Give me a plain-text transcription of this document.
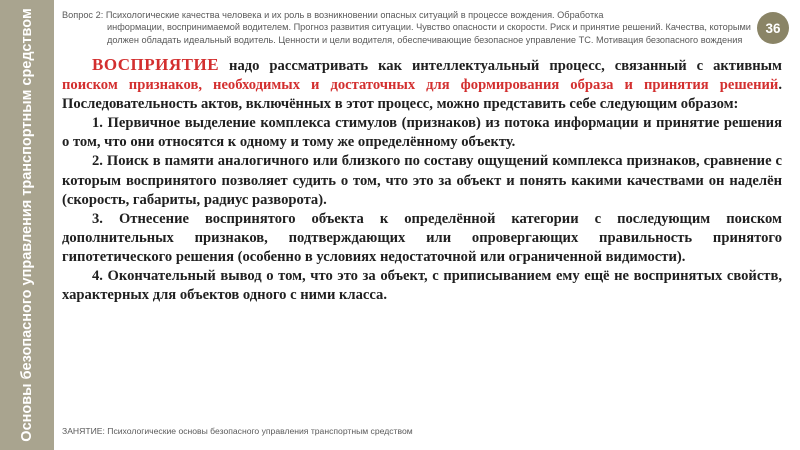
Основы безопасного управления транспортным средством	Вопрос 2: Психологические качества человека и их роль в возникновении опасных ситуаций в процессе вождения. Обработка
информации, воспринимаемой водителем. Прогноз развития ситуации. Чувство опасности и скорости. Риск и принятие решений. Качества, которыми должен обладать идеальный водитель. Ценности и цели водителя, обеспечивающие безопасное управление ТС. Мотивация безопасного вождения
36

ВОСПРИЯТИЕ надо рассматривать как интеллектуальный процесс, связанный с активным поиском признаков, необходимых и достаточных для формирования образа и принятия решений. Последовательность актов, включённых в этот процесс, можно представить себе следующим образом:

1. Первичное выделение комплекса стимулов (признаков) из потока информации и принятие решения о том, что они относятся к одному и тому же определённому объекту.

2. Поиск в памяти аналогичного или близкого по составу ощущений комплекса признаков, сравнение с которым воспринятого позволяет судить о том, что это за объект и понять какими качествами он наделён (скорость, габариты, радиус разворота).

3. Отнесение воспринятого объекта к определённой категории с последующим поиском дополнительных признаков, подтверждающих или опровергающих правильность принятого гипотетического решения (особенно в условиях недостаточной или ограниченной видимости).

4. Окончательный вывод о том, что это за объект, с приписыванием ему ещё не воспринятых свойств, характерных для объектов одного с ними класса.

ЗАНЯТИЕ: Психологические основы безопасного управления транспортным средством
